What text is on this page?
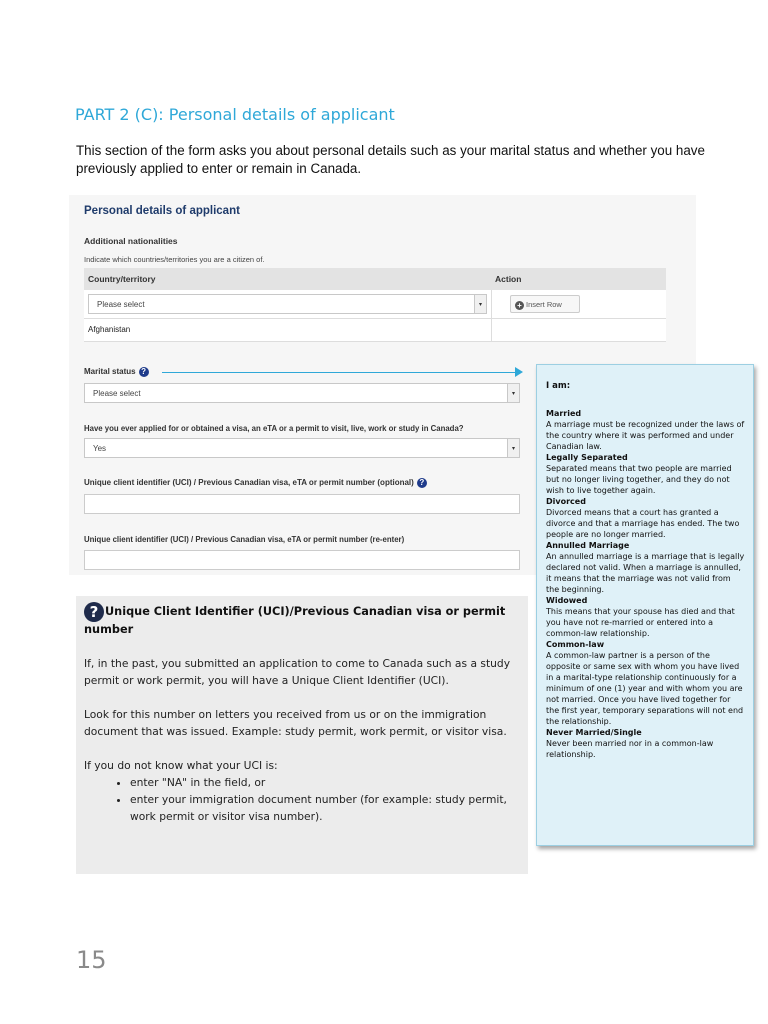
PART 2 (C): Personal details of applicant
This section of the form asks you about personal details such as your marital status and whether you have previously applied to enter or remain in Canada.
Personal details of applicant
Additional nationalities
Indicate which countries/territories you are a citizen of.
Country/territory	Action
Please select	▾	+ Insert Row
Afghanistan
Marital status ?
Please select	▾
Have you ever applied for or obtained a visa, an eTA or a permit to visit, live, work or study in Canada?
Yes	▾
Unique client identifier (UCI) / Previous Canadian visa, eTA or permit number (optional) ?
Unique client identifier (UCI) / Previous Canadian visa, eTA or permit number (re-enter)
I am:
Married
A marriage must be recognized under the laws of the country where it was performed and under Canadian law.
Legally Separated
Separated means that two people are married but no longer living together, and they do not wish to live together again.
Divorced
Divorced means that a court has granted a divorce and that a marriage has ended. The two people are no longer married.
Annulled Marriage
An annulled marriage is a marriage that is legally declared not valid. When a marriage is annulled, it means that the marriage was not valid from the beginning.
Widowed
This means that your spouse has died and that you have not re-married or entered into a common-law relationship.
Common-law
A common-law partner is a person of the opposite or same sex with whom you have lived in a marital-type relationship continuously for a minimum of one (1) year and with whom you are not married. Once you have lived together for the first year, temporary separations will not end the relationship.
Never Married/Single
Never been married nor in a common-law relationship.
? Unique Client Identifier (UCI)/Previous Canadian visa or permit number

If, in the past, you submitted an application to come to Canada such as a study permit or work permit, you will have a Unique Client Identifier (UCI).

Look for this number on letters you received from us or on the immigration document that was issued. Example: study permit, work permit, or visitor visa.

If you do not know what your UCI is:

• enter "NA" in the field, or
• enter your immigration document number (for example: study permit, work permit or visitor visa number).
15
